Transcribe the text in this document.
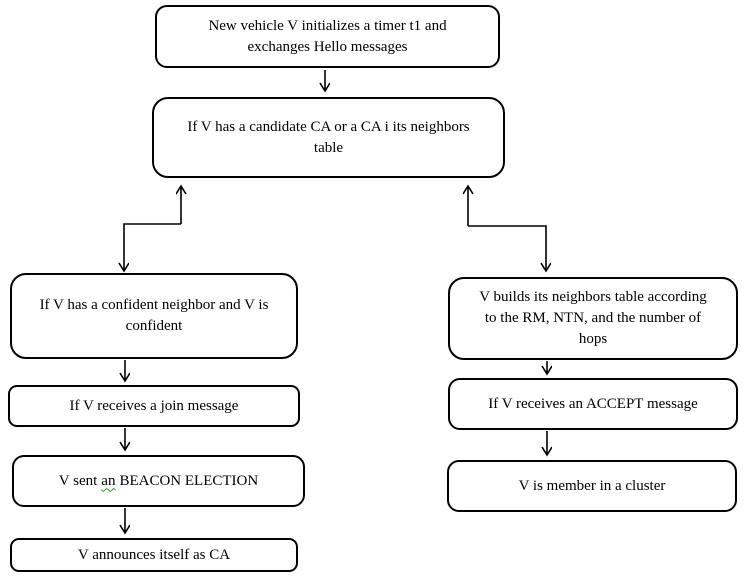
New vehicle V initializes a timer t1 and
exchanges Hello messages
If V has a candidate CA or a CA i its neighbors
table
If V has a confident neighbor and V is
confident
If V receives a join message
V sent an BEACON ELECTION
V announces itself as CA
V builds its neighbors table according
to the RM, NTN, and the number of
hops
If V receives an ACCEPT message
V is member in a cluster
